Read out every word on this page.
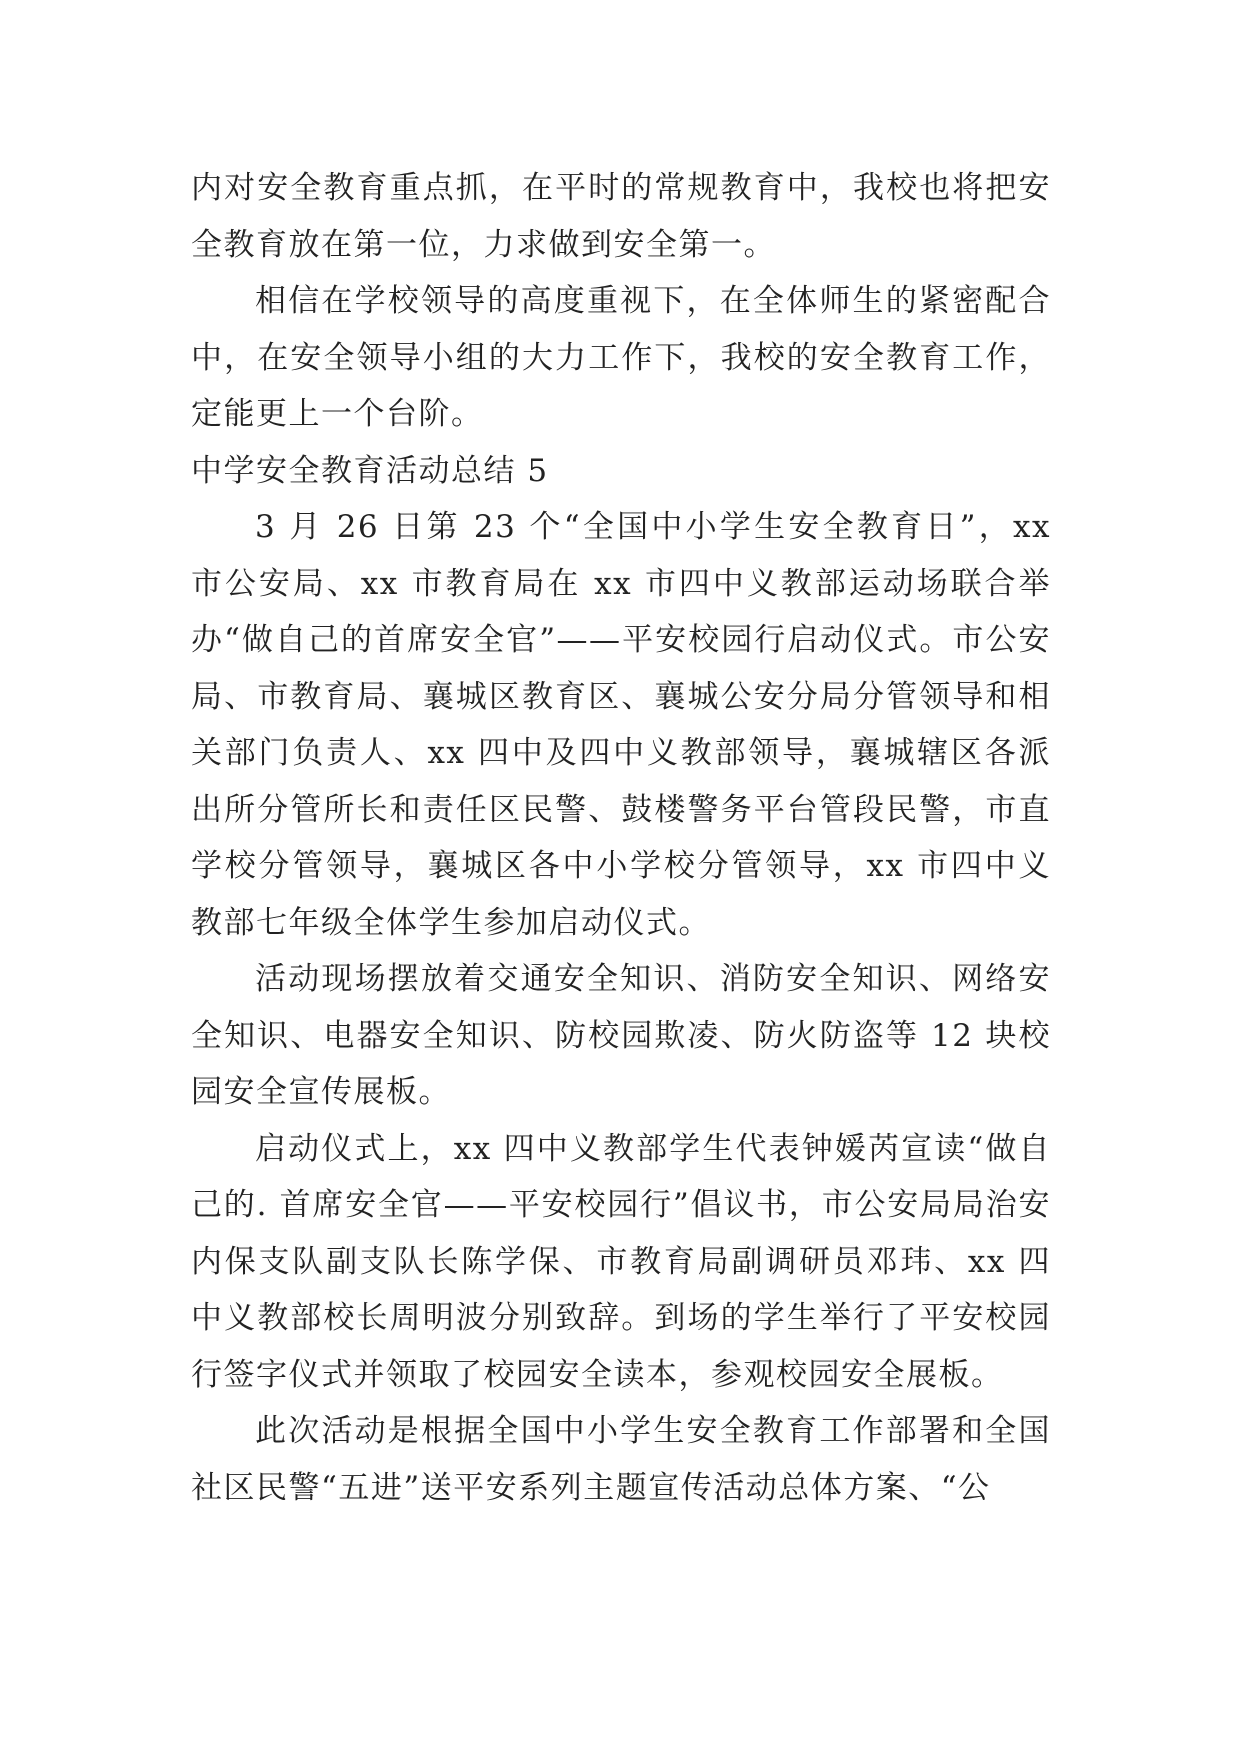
内对安全教育重点抓，在平时的常规教育中，我校也将把安全教育放在第一位，力求做到安全第一。

相信在学校领导的高度重视下，在全体师生的紧密配合中，在安全领导小组的大力工作下，我校的安全教育工作，定能更上一个台阶。

中学安全教育活动总结 5

3 月 26 日第 23 个“全国中小学生安全教育日”，xx 市公安局、xx 市教育局在 xx 市四中义教部运动场联合举办“做自己的首席安全官”——平安校园行启动仪式。市公安局、市教育局、襄城区教育区、襄城公安分局分管领导和相关部门负责人、xx 四中及四中义教部领导，襄城辖区各派出所分管所长和责任区民警、鼓楼警务平台管段民警，市直学校分管领导，襄城区各中小学校分管领导，xx 市四中义教部七年级全体学生参加启动仪式。

活动现场摆放着交通安全知识、消防安全知识、网络安全知识、电器安全知识、防校园欺凌、防火防盗等 12 块校园安全宣传展板。

启动仪式上，xx 四中义教部学生代表钟媛芮宣读“做自己的. 首席安全官——平安校园行”倡议书，市公安局局治安内保支队副支队长陈学保、市教育局副调研员邓玮、xx 四中义教部校长周明波分别致辞。到场的学生举行了平安校园行签字仪式并领取了校园安全读本，参观校园安全展板。

此次活动是根据全国中小学生安全教育工作部署和全国社区民警“五进”送平安系列主题宣传活动总体方案、“公
